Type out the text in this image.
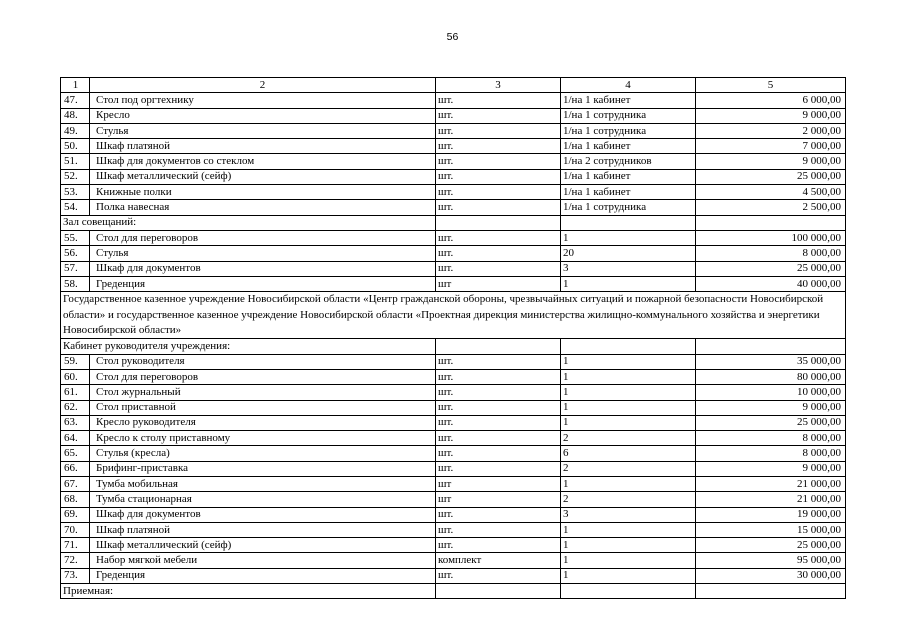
56
1	2	3	4	5
47.	Стол под оргтехнику	шт.	1/на 1 кабинет	6 000,00
48.	Кресло	шт.	1/на 1 сотрудника	9 000,00
49.	Стулья	шт.	1/на 1 сотрудника	2 000,00
50.	Шкаф платяной	шт.	1/на 1 кабинет	7 000,00
51.	Шкаф для документов со стеклом	шт.	1/на 2 сотрудников	9 000,00
52.	Шкаф металлический (сейф)	шт.	1/на 1 кабинет	25 000,00
53.	Книжные полки	шт.	1/на 1 кабинет	4 500,00
54.	Полка навесная	шт.	1/на 1 сотрудника	2 500,00
Зал совещаний:				
55.	Стол для переговоров	шт.	1	100 000,00
56.	Стулья	шт.	20	8 000,00
57.	Шкаф для документов	шт.	3	25 000,00
58.	Греденция	шт	1	40 000,00
Государственное казенное учреждение Новосибирской области «Центр гражданской обороны, чрезвычайных ситуаций и пожарной безопасности Новосибирской области» и государственное казенное учреждение Новосибирской области «Проектная дирекция министерства жилищно-коммунального хозяйства и энергетики Новосибирской области»				
Кабинет руководителя учреждения:				
59.	Стол руководителя	шт.	1	35 000,00
60.	Стол для переговоров	шт.	1	80 000,00
61.	Стол журнальный	шт.	1	10 000,00
62.	Стол приставной	шт.	1	9 000,00
63.	Кресло руководителя	шт.	1	25 000,00
64.	Кресло к столу приставному	шт.	2	8 000,00
65.	Стулья (кресла)	шт.	6	8 000,00
66.	Брифинг-приставка	шт.	2	9 000,00
67.	Тумба мобильная	шт	1	21 000,00
68.	Тумба стационарная	шт	2	21 000,00
69.	Шкаф для документов	шт.	3	19 000,00
70.	Шкаф платяной	шт.	1	15 000,00
71.	Шкаф металлический (сейф)	шт.	1	25 000,00
72.	Набор мягкой мебели	комплект	1	95 000,00
73.	Греденция	шт.	1	30 000,00
Приемная:				
